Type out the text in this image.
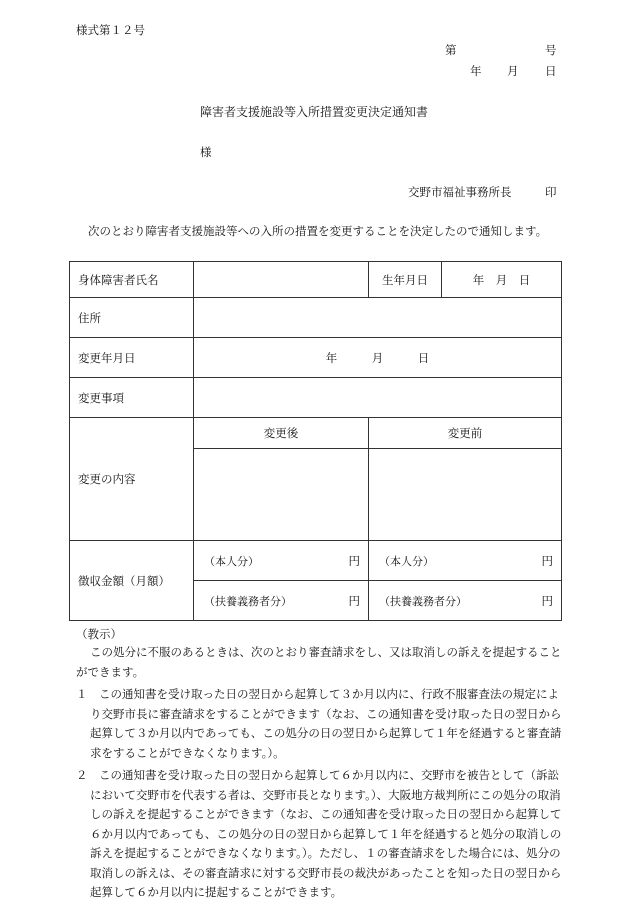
様式第１２号
第	号
年 月 日
障害者支援施設等入所措置変更決定通知書
様
交野市福祉事務所長	印
次のとおり障害者支援施設等への入所の措置を変更することを決定したので通知します。
身体障害者氏名		生年月日	年　月　日
住所			
変更年月日	年　　　月　　　日		
変更事項			
変更の内容	変更後	変更前	

徴収金額（月額）	（本人分） 円	（本人分） 円	

	（扶養義務者分） 円	（扶養義務者分） 円	
（教示）
この処分に不服のあるときは、次のとおり審査請求をし、又は取消しの訴えを提起することができます。
１　この通知書を受け取った日の翌日から起算して３か月以内に、行政不服審査法の規定により交野市長に審査請求をすることができます（なお、この通知書を受け取った日の翌日から起算して３か月以内であっても、この処分の日の翌日から起算して１年を経過すると審査請求をすることができなくなります。）。
２　この通知書を受け取った日の翌日から起算して６か月以内に、交野市を被告として（訴訟において交野市を代表する者は、交野市長となります。）、大阪地方裁判所にこの処分の取消しの訴えを提起することができます（なお、この通知書を受け取った日の翌日から起算して６か月以内であっても、この処分の日の翌日から起算して１年を経過すると処分の取消しの訴えを提起することができなくなります。）。ただし、１の審査請求をした場合には、処分の取消しの訴えは、その審査請求に対する交野市長の裁決があったことを知った日の翌日から起算して６か月以内に提起することができます。
